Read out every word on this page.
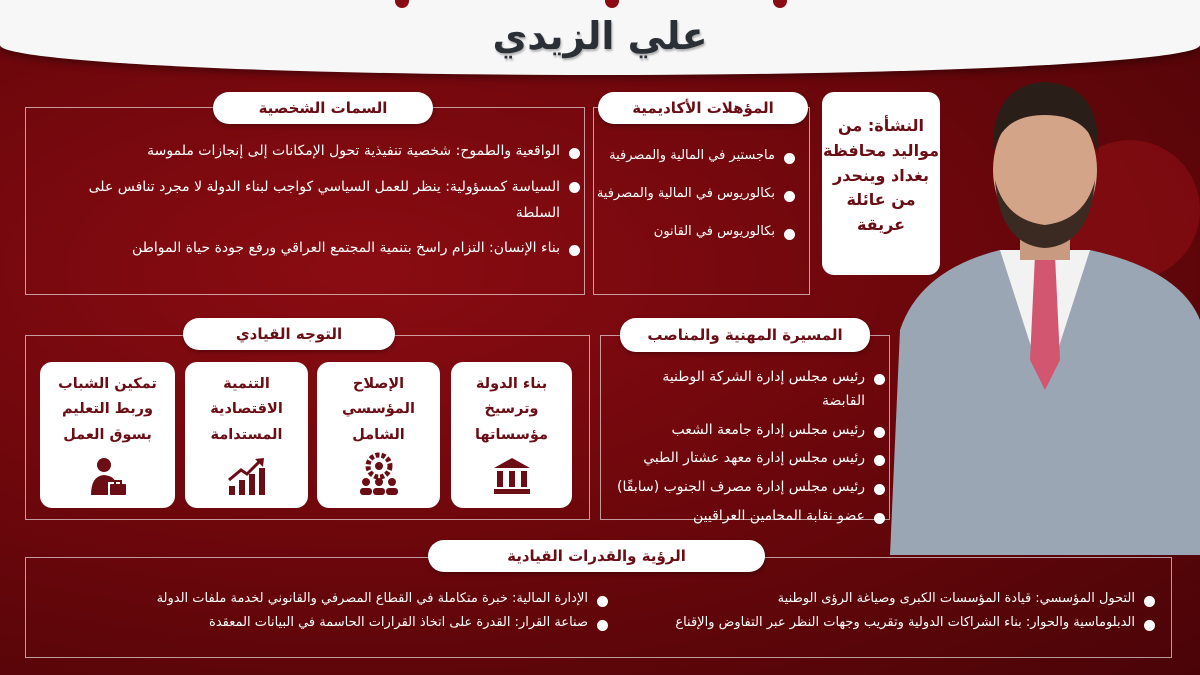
علي الزيدي
النشأة: من مواليد محافظة بغداد وينحدر من عائلة عريقة
السمات الشخصية
الواقعية والطموح: شخصية تنفيذية تحول الإمكانات إلى إنجازات ملموسة
السياسة كمسؤولية: ينظر للعمل السياسي كواجب لبناء الدولة لا مجرد تنافس على السلطة
بناء الإنسان: التزام راسخ بتنمية المجتمع العراقي ورفع جودة حياة المواطن
المؤهلات الأكاديمية
ماجستير في المالية والمصرفية
بكالوريوس في المالية والمصرفية
بكالوريوس في القانون
التوجه القيادي
بناء الدولة وترسيخ مؤسساتها
الإصلاح المؤسسي الشامل
التنمية الاقتصادية المستدامة
تمكين الشباب وربط التعليم بسوق العمل
المسيرة المهنية والمناصب
رئيس مجلس إدارة الشركة الوطنية القابضة
رئيس مجلس إدارة جامعة الشعب
رئيس مجلس إدارة معهد عشتار الطبي
رئيس مجلس إدارة مصرف الجنوب (سابقًا)
عضو نقابة المحامين العراقيين
الرؤية والقدرات القيادية
التحول المؤسسي: قيادة المؤسسات الكبرى وصياغة الرؤى الوطنية
الدبلوماسية والحوار: بناء الشراكات الدولية وتقريب وجهات النظر عبر التفاوض والإقناع
الإدارة المالية: خبرة متكاملة في القطاع المصرفي والقانوني لخدمة ملفات الدولة
صناعة القرار: القدرة على اتخاذ القرارات الحاسمة في البيانات المعقدة
